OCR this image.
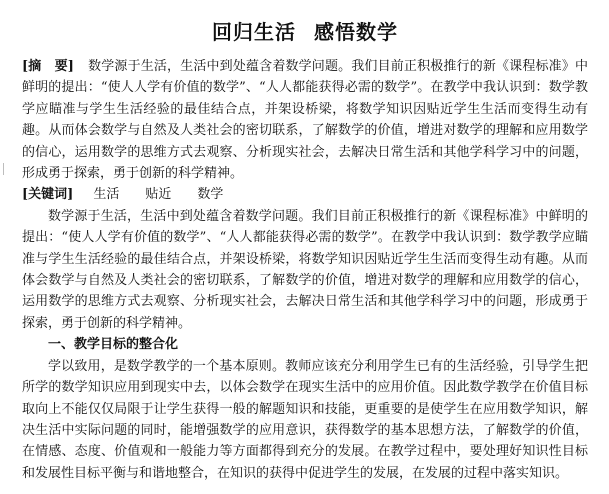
回归生活 感悟数学

[摘　要] 数学源于生活，生活中到处蕴含着数学问题。我们目前正积极推行的新《课程标准》中鲜明的提出：“使人人学有价值的数学”、“人人都能获得必需的数学”。在教学中我认识到：数学教学应瞄准与学生生活经验的最佳结合点，并架设桥梁，将数学知识因贴近学生生活而变得生动有趣。从而体会数学与自然及人类社会的密切联系，了解数学的价值，增进对数学的理解和应用数学的信心，运用数学的思维方式去观察、分析现实社会，去解决日常生活和其他学科学习中的问题，形成勇于探索，勇于创新的科学精神。

[关键词] 生活 贴近 数学

数学源于生活，生活中到处蕴含着数学问题。我们目前正积极推行的新《课程标准》中鲜明的提出：“使人人学有价值的数学”、“人人都能获得必需的数学”。在教学中我认识到：数学教学应瞄准与学生生活经验的最佳结合点，并架设桥梁，将数学知识因贴近学生生活而变得生动有趣。从而体会数学与自然及人类社会的密切联系，了解数学的价值，增进对数学的理解和应用数学的信心，运用数学的思维方式去观察、分析现实社会，去解决日常生活和其他学科学习中的问题，形成勇于探索，勇于创新的科学精神。

一、教学目标的整合化

学以致用，是数学教学的一个基本原则。教师应该充分利用学生已有的生活经验，引导学生把所学的数学知识应用到现实中去，以体会数学在现实生活中的应用价值。因此数学教学在价值目标取向上不能仅仅局限于让学生获得一般的解题知识和技能，更重要的是使学生在应用数学知识，解决生活中实际问题的同时，能增强数学的应用意识，获得数学的基本思想方法，了解数学的价值，在情感、态度、价值观和一般能力等方面都得到充分的发展。在教学过程中，要处理好知识性目标和发展性目标平衡与和谐地整合，在知识的获得中促进学生的发展，在发展的过程中落实知识。
